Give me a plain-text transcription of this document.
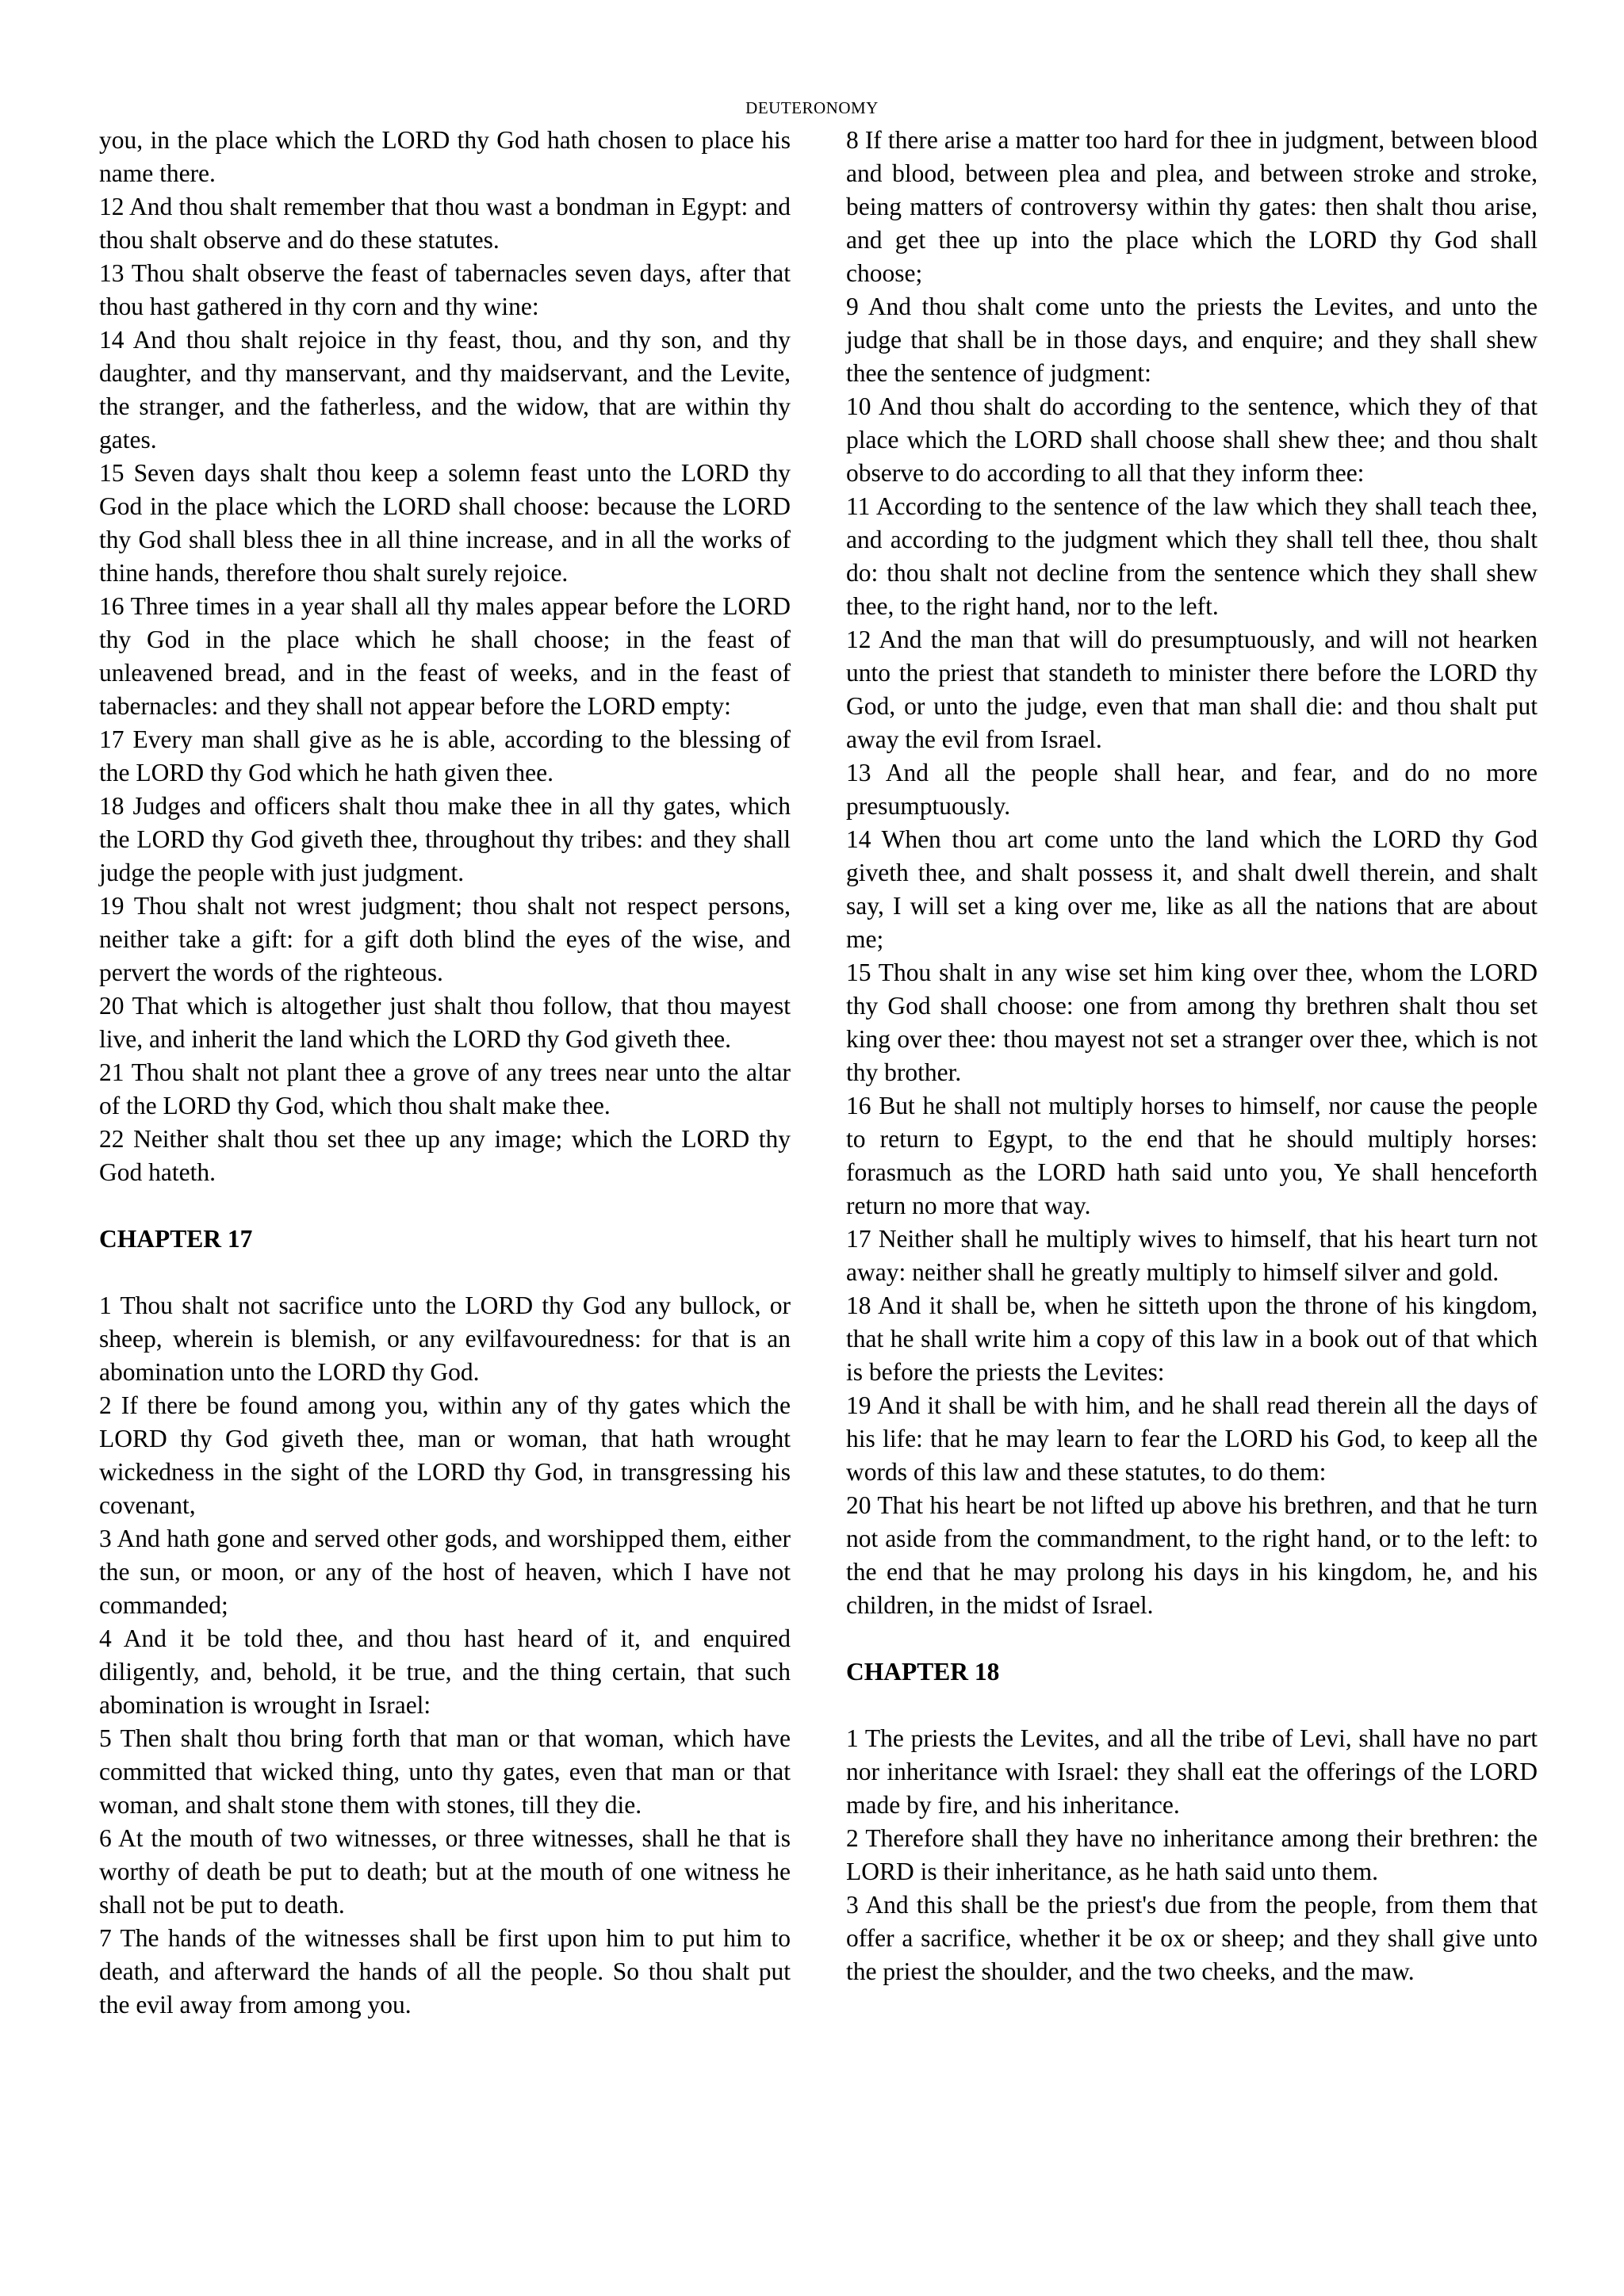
DEUTERONOMY

you, in the place which the LORD thy God hath chosen to place his name there.

12 And thou shalt remember that thou wast a bondman in Egypt: and thou shalt observe and do these statutes.

13 Thou shalt observe the feast of tabernacles seven days, after that thou hast gathered in thy corn and thy wine:

14 And thou shalt rejoice in thy feast, thou, and thy son, and thy daughter, and thy manservant, and thy maidservant, and the Levite, the stranger, and the fatherless, and the widow, that are within thy gates.

15 Seven days shalt thou keep a solemn feast unto the LORD thy God in the place which the LORD shall choose: because the LORD thy God shall bless thee in all thine increase, and in all the works of thine hands, therefore thou shalt surely rejoice.

16 Three times in a year shall all thy males appear before the LORD thy God in the place which he shall choose; in the feast of unleavened bread, and in the feast of weeks, and in the feast of tabernacles: and they shall not appear before the LORD empty:

17 Every man shall give as he is able, according to the blessing of the LORD thy God which he hath given thee.

18 Judges and officers shalt thou make thee in all thy gates, which the LORD thy God giveth thee, throughout thy tribes: and they shall judge the people with just judgment.

19 Thou shalt not wrest judgment; thou shalt not respect persons, neither take a gift: for a gift doth blind the eyes of the wise, and pervert the words of the righteous.

20 That which is altogether just shalt thou follow, that thou mayest live, and inherit the land which the LORD thy God giveth thee.

21 Thou shalt not plant thee a grove of any trees near unto the altar of the LORD thy God, which thou shalt make thee.

22 Neither shalt thou set thee up any image; which the LORD thy God hateth.

CHAPTER 17

1 Thou shalt not sacrifice unto the LORD thy God any bullock, or sheep, wherein is blemish, or any evilfavouredness: for that is an abomination unto the LORD thy God.

2 If there be found among you, within any of thy gates which the LORD thy God giveth thee, man or woman, that hath wrought wickedness in the sight of the LORD thy God, in transgressing his covenant,

3 And hath gone and served other gods, and worshipped them, either the sun, or moon, or any of the host of heaven, which I have not commanded;

4 And it be told thee, and thou hast heard of it, and enquired diligently, and, behold, it be true, and the thing certain, that such abomination is wrought in Israel:

5 Then shalt thou bring forth that man or that woman, which have committed that wicked thing, unto thy gates, even that man or that woman, and shalt stone them with stones, till they die.

6 At the mouth of two witnesses, or three witnesses, shall he that is worthy of death be put to death; but at the mouth of one witness he shall not be put to death.

7 The hands of the witnesses shall be first upon him to put him to death, and afterward the hands of all the people. So thou shalt put the evil away from among you.

8 If there arise a matter too hard for thee in judgment, between blood and blood, between plea and plea, and between stroke and stroke, being matters of controversy within thy gates: then shalt thou arise, and get thee up into the place which the LORD thy God shall choose;

9 And thou shalt come unto the priests the Levites, and unto the judge that shall be in those days, and enquire; and they shall shew thee the sentence of judgment:

10 And thou shalt do according to the sentence, which they of that place which the LORD shall choose shall shew thee; and thou shalt observe to do according to all that they inform thee:

11 According to the sentence of the law which they shall teach thee, and according to the judgment which they shall tell thee, thou shalt do: thou shalt not decline from the sentence which they shall shew thee, to the right hand, nor to the left.

12 And the man that will do presumptuously, and will not hearken unto the priest that standeth to minister there before the LORD thy God, or unto the judge, even that man shall die: and thou shalt put away the evil from Israel.

13 And all the people shall hear, and fear, and do no more presumptuously.

14 When thou art come unto the land which the LORD thy God giveth thee, and shalt possess it, and shalt dwell therein, and shalt say, I will set a king over me, like as all the nations that are about me;

15 Thou shalt in any wise set him king over thee, whom the LORD thy God shall choose: one from among thy brethren shalt thou set king over thee: thou mayest not set a stranger over thee, which is not thy brother.

16 But he shall not multiply horses to himself, nor cause the people to return to Egypt, to the end that he should multiply horses: forasmuch as the LORD hath said unto you, Ye shall henceforth return no more that way.

17 Neither shall he multiply wives to himself, that his heart turn not away: neither shall he greatly multiply to himself silver and gold.

18 And it shall be, when he sitteth upon the throne of his kingdom, that he shall write him a copy of this law in a book out of that which is before the priests the Levites:

19 And it shall be with him, and he shall read therein all the days of his life: that he may learn to fear the LORD his God, to keep all the words of this law and these statutes, to do them:

20 That his heart be not lifted up above his brethren, and that he turn not aside from the commandment, to the right hand, or to the left: to the end that he may prolong his days in his kingdom, he, and his children, in the midst of Israel.

CHAPTER 18

1 The priests the Levites, and all the tribe of Levi, shall have no part nor inheritance with Israel: they shall eat the offerings of the LORD made by fire, and his inheritance.

2 Therefore shall they have no inheritance among their brethren: the LORD is their inheritance, as he hath said unto them.

3 And this shall be the priest's due from the people, from them that offer a sacrifice, whether it be ox or sheep; and they shall give unto the priest the shoulder, and the two cheeks, and the maw.
